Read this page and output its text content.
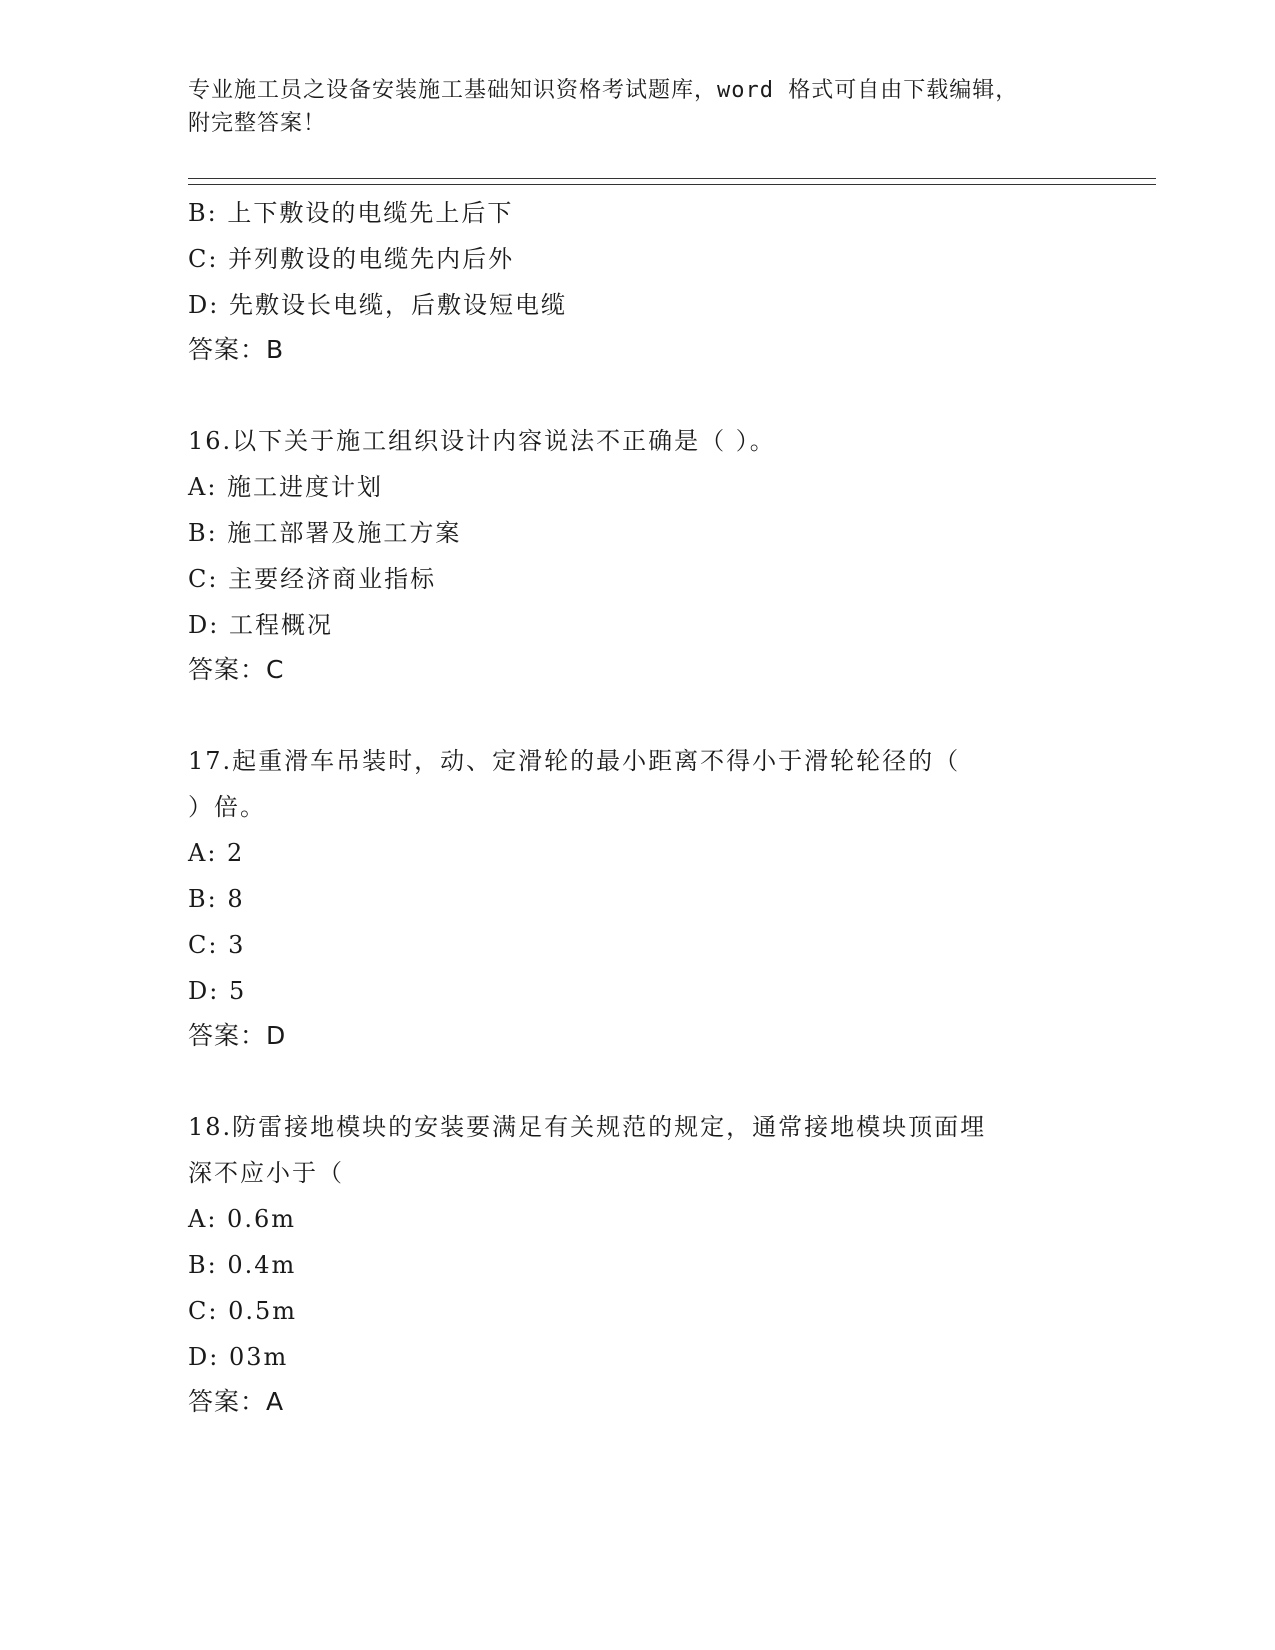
专业施工员之设备安装施工基础知识资格考试题库，word 格式可自由下载编辑，
附完整答案！
B: 上下敷设的电缆先上后下
C: 并列敷设的电缆先内后外
D: 先敷设长电缆，后敷设短电缆
答案：B
16.以下关于施工组织设计内容说法不正确是（ ）。
A: 施工进度计划
B: 施工部署及施工方案
C: 主要经济商业指标
D: 工程概况
答案：C
17.起重滑车吊装时，动、定滑轮的最小距离不得小于滑轮轮径的（
）倍。
A: 2
B: 8
C: 3
D: 5
答案：D
18.防雷接地模块的安装要满足有关规范的规定，通常接地模块顶面埋
深不应小于（
A: 0.6m
B: 0.4m
C: 0.5m
D: 03m
答案：A
